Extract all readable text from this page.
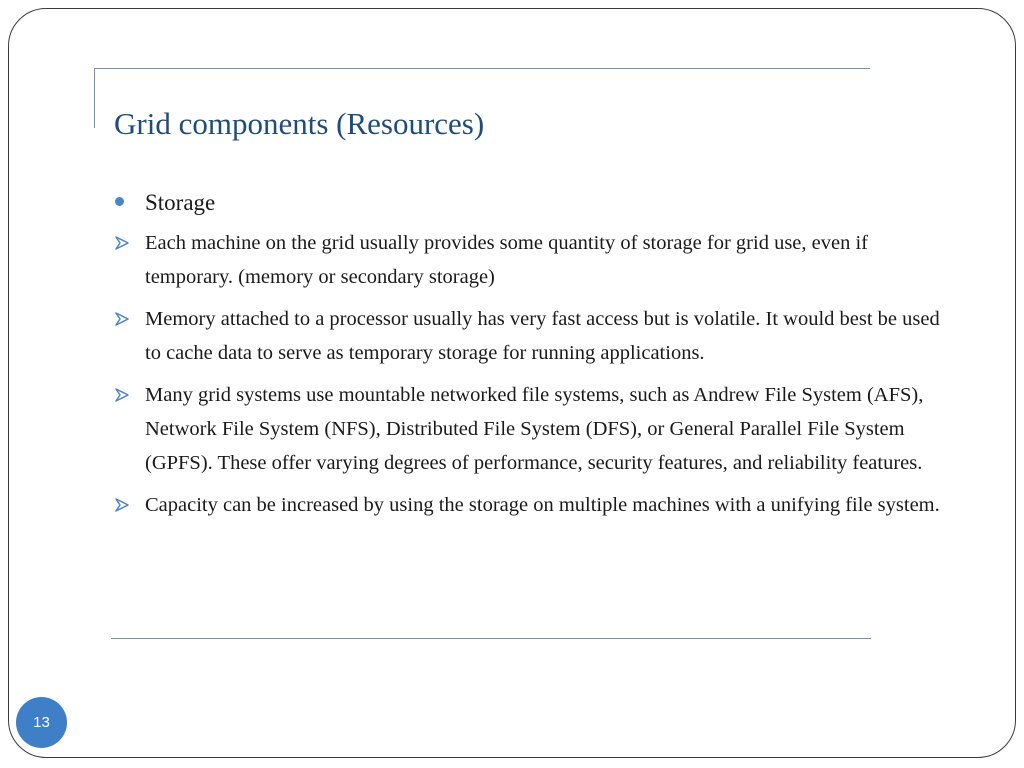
Grid components (Resources)
Storage
Each machine on the grid usually provides some quantity of storage for grid use, even if temporary. (memory or secondary storage)
Memory attached to a processor usually has very fast access but is volatile. It would best be used to cache data to serve as temporary storage for running applications.
Many grid systems use mountable networked file systems, such as Andrew File System (AFS), Network File System (NFS), Distributed File System (DFS), or General Parallel File System (GPFS). These offer varying degrees of performance, security features, and reliability features.
Capacity can be increased by using the storage on multiple machines with a unifying file system.
13
